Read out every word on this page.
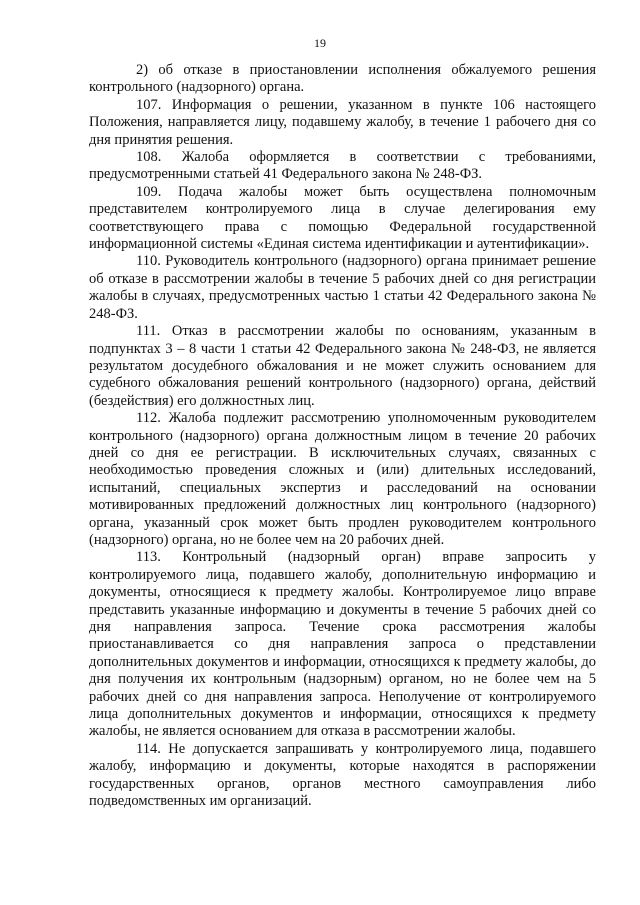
19

2) об отказе в приостановлении исполнения обжалуемого решения контрольного (надзорного) органа.

107. Информация о решении, указанном в пункте 106 настоящего Положения, направляется лицу, подавшему жалобу, в течение 1 рабочего дня со дня принятия решения.

108. Жалоба оформляется в соответствии с требованиями, предусмотренными статьей 41 Федерального закона № 248-ФЗ.

109. Подача жалобы может быть осуществлена полномочным представителем контролируемого лица в случае делегирования ему соответствующего права с помощью Федеральной государственной информационной системы «Единая система идентификации и аутентификации».

110. Руководитель контрольного (надзорного) органа принимает решение об отказе в рассмотрении жалобы в течение 5 рабочих дней со дня регистрации жалобы в случаях, предусмотренных частью 1 статьи 42 Федерального закона № 248-ФЗ.

111. Отказ в рассмотрении жалобы по основаниям, указанным в подпунктах 3 – 8 части 1 статьи 42 Федерального закона № 248-ФЗ, не является результатом досудебного обжалования и не может служить основанием для судебного обжалования решений контрольного (надзорного) органа, действий (бездействия) его должностных лиц.

112. Жалоба подлежит рассмотрению уполномоченным руководителем контрольного (надзорного) органа должностным лицом в течение 20 рабочих дней со дня ее регистрации. В исключительных случаях, связанных с необходимостью проведения сложных и (или) длительных исследований, испытаний, специальных экспертиз и расследований на основании мотивированных предложений должностных лиц контрольного (надзорного) органа, указанный срок может быть продлен руководителем контрольного (надзорного) органа, но не более чем на 20 рабочих дней.

113. Контрольный (надзорный орган) вправе запросить у контролируемого лица, подавшего жалобу, дополнительную информацию и документы, относящиеся к предмету жалобы. Контролируемое лицо вправе представить указанные информацию и документы в течение 5 рабочих дней со дня направления запроса. Течение срока рассмотрения жалобы приостанавливается со дня направления запроса о представлении дополнительных документов и информации, относящихся к предмету жалобы, до дня получения их контрольным (надзорным) органом, но не более чем на 5 рабочих дней со дня направления запроса. Неполучение от контролируемого лица дополнительных документов и информации, относящихся к предмету жалобы, не является основанием для отказа в рассмотрении жалобы.

114. Не допускается запрашивать у контролируемого лица, подавшего жалобу, информацию и документы, которые находятся в распоряжении государственных органов, органов местного самоуправления либо подведомственных им организаций.
